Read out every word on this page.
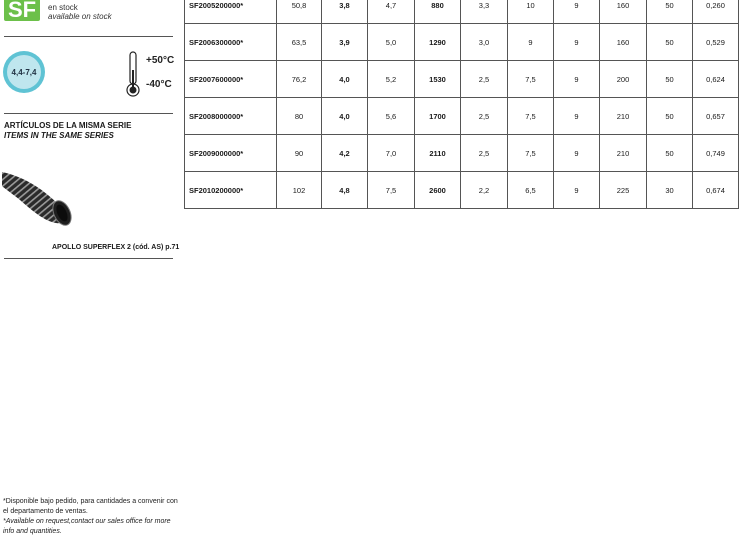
SF	en stock
available on stock
4,4-7,4
+50°C
-40°C
ARTÍCULOS DE LA MISMA SERIE
ITEMS IN THE SAME SERIES
APOLLO SUPERFLEX 2 (cód. AS) p.71
*Disponible bajo pedido, para cantidades a convenir con el departamento de ventas.
*Available on request,contact our sales office for more info and quantities.
SF2005200000*	50,8	3,8	4,7	880	3,3	10	9	160	50	0,260
SF2006300000*	63,5	3,9	5,0	1290	3,0	9	9	160	50	0,529
SF2007600000*	76,2	4,0	5,2	1530	2,5	7,5	9	200	50	0,624
SF2008000000*	80	4,0	5,6	1700	2,5	7,5	9	210	50	0,657
SF2009000000*	90	4,2	7,0	2110	2,5	7,5	9	210	50	0,749
SF2010200000*	102	4,8	7,5	2600	2,2	6,5	9	225	30	0,674
